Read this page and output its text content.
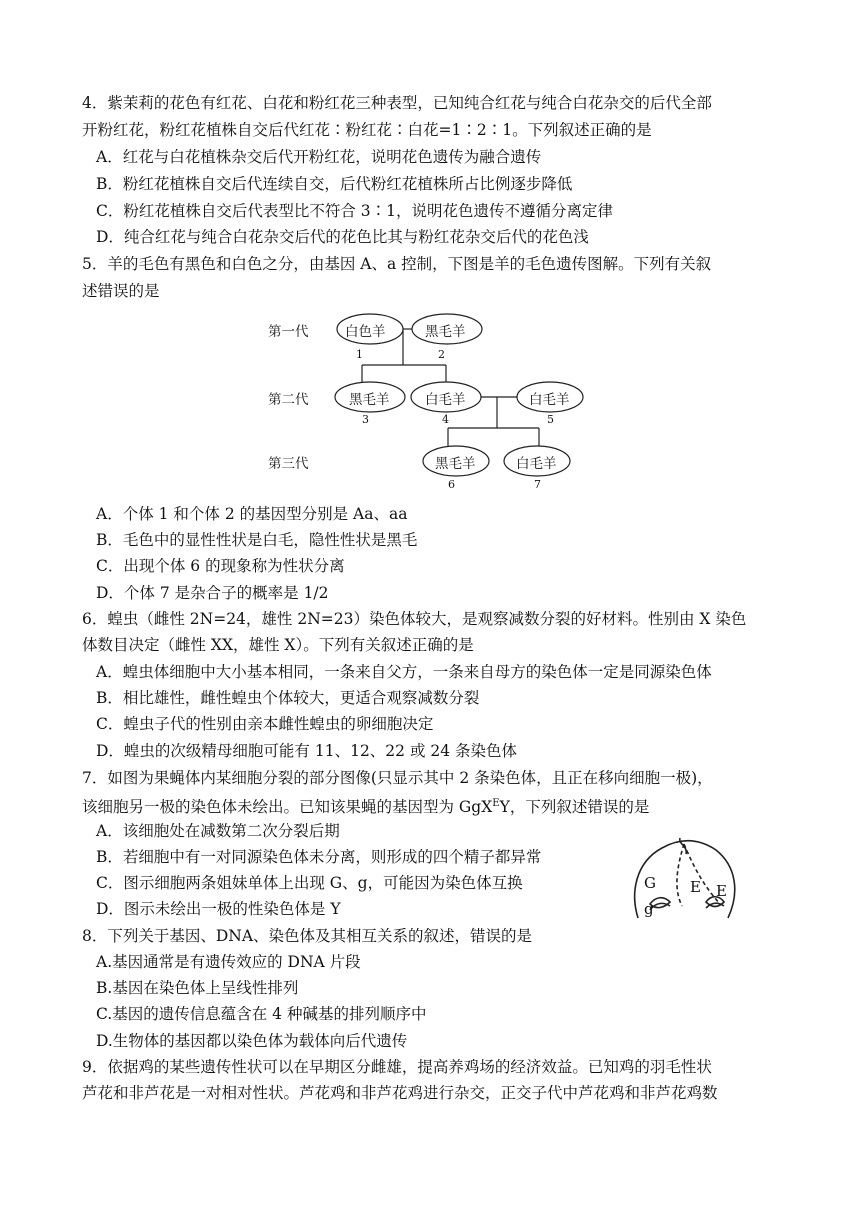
4．紫茉莉的花色有红花、白花和粉红花三种表型，已知纯合红花与纯合白花杂交的后代全部
开粉红花，粉红花植株自交后代红花∶粉红花∶白花=1∶2∶1。下列叙述正确的是
A．红花与白花植株杂交后代开粉红花，说明花色遗传为融合遗传
B．粉红花植株自交后代连续自交，后代粉红花植株所占比例逐步降低
C．粉红花植株自交后代表型比不符合 3∶1，说明花色遗传不遵循分离定律
D．纯合红花与纯合白花杂交后代的花色比其与粉红花杂交后代的花色浅
5．羊的毛色有黑色和白色之分，由基因 A、a 控制，下图是羊的毛色遗传图解。下列有关叙
述错误的是
第一代
第二代
第三代
白色羊
1
黑毛羊
2
黑毛羊
3
白毛羊
4
白毛羊
5
黑毛羊
6
白毛羊
7
A．个体 1 和个体 2 的基因型分别是 Aa、aa
B．毛色中的显性性状是白毛，隐性性状是黑毛
C．出现个体 6 的现象称为性状分离
D．个体 7 是杂合子的概率是 1/2
6．蝗虫（雌性 2N=24，雄性 2N=23）染色体较大，是观察减数分裂的好材料。性别由 X 染色
体数目决定（雌性 XX，雄性 X）。下列有关叙述正确的是
A．蝗虫体细胞中大小基本相同，一条来自父方，一条来自母方的染色体一定是同源染色体
B．相比雄性，雌性蝗虫个体较大，更适合观察减数分裂
C．蝗虫子代的性别由亲本雌性蝗虫的卵细胞决定
D．蝗虫的次级精母细胞可能有 11、12、22 或 24 条染色体
7．如图为果蝇体内某细胞分裂的部分图像(只显示其中 2 条染色体，且正在移向细胞一极)，
该细胞另一极的染色体未绘出。已知该果蝇的基因型为 GgX$^E$Y，下列叙述错误的是
A．该细胞处在减数第二次分裂后期
B．若细胞中有一对同源染色体未分离，则形成的四个精子都异常
C．图示细胞两条姐妹单体上出现 G、g，可能因为染色体互换
D．图示未绘出一极的性染色体是 Y
G
g
E E
8．下列关于基因、DNA、染色体及其相互关系的叙述，错误的是
A.基因通常是有遗传效应的 DNA 片段
B.基因在染色体上呈线性排列
C.基因的遗传信息蕴含在 4 种碱基的排列顺序中
D.生物体的基因都以染色体为载体向后代遗传
9．依据鸡的某些遗传性状可以在早期区分雌雄，提高养鸡场的经济效益。已知鸡的羽毛性状
芦花和非芦花是一对相对性状。芦花鸡和非芦花鸡进行杂交，正交子代中芦花鸡和非芦花鸡数
